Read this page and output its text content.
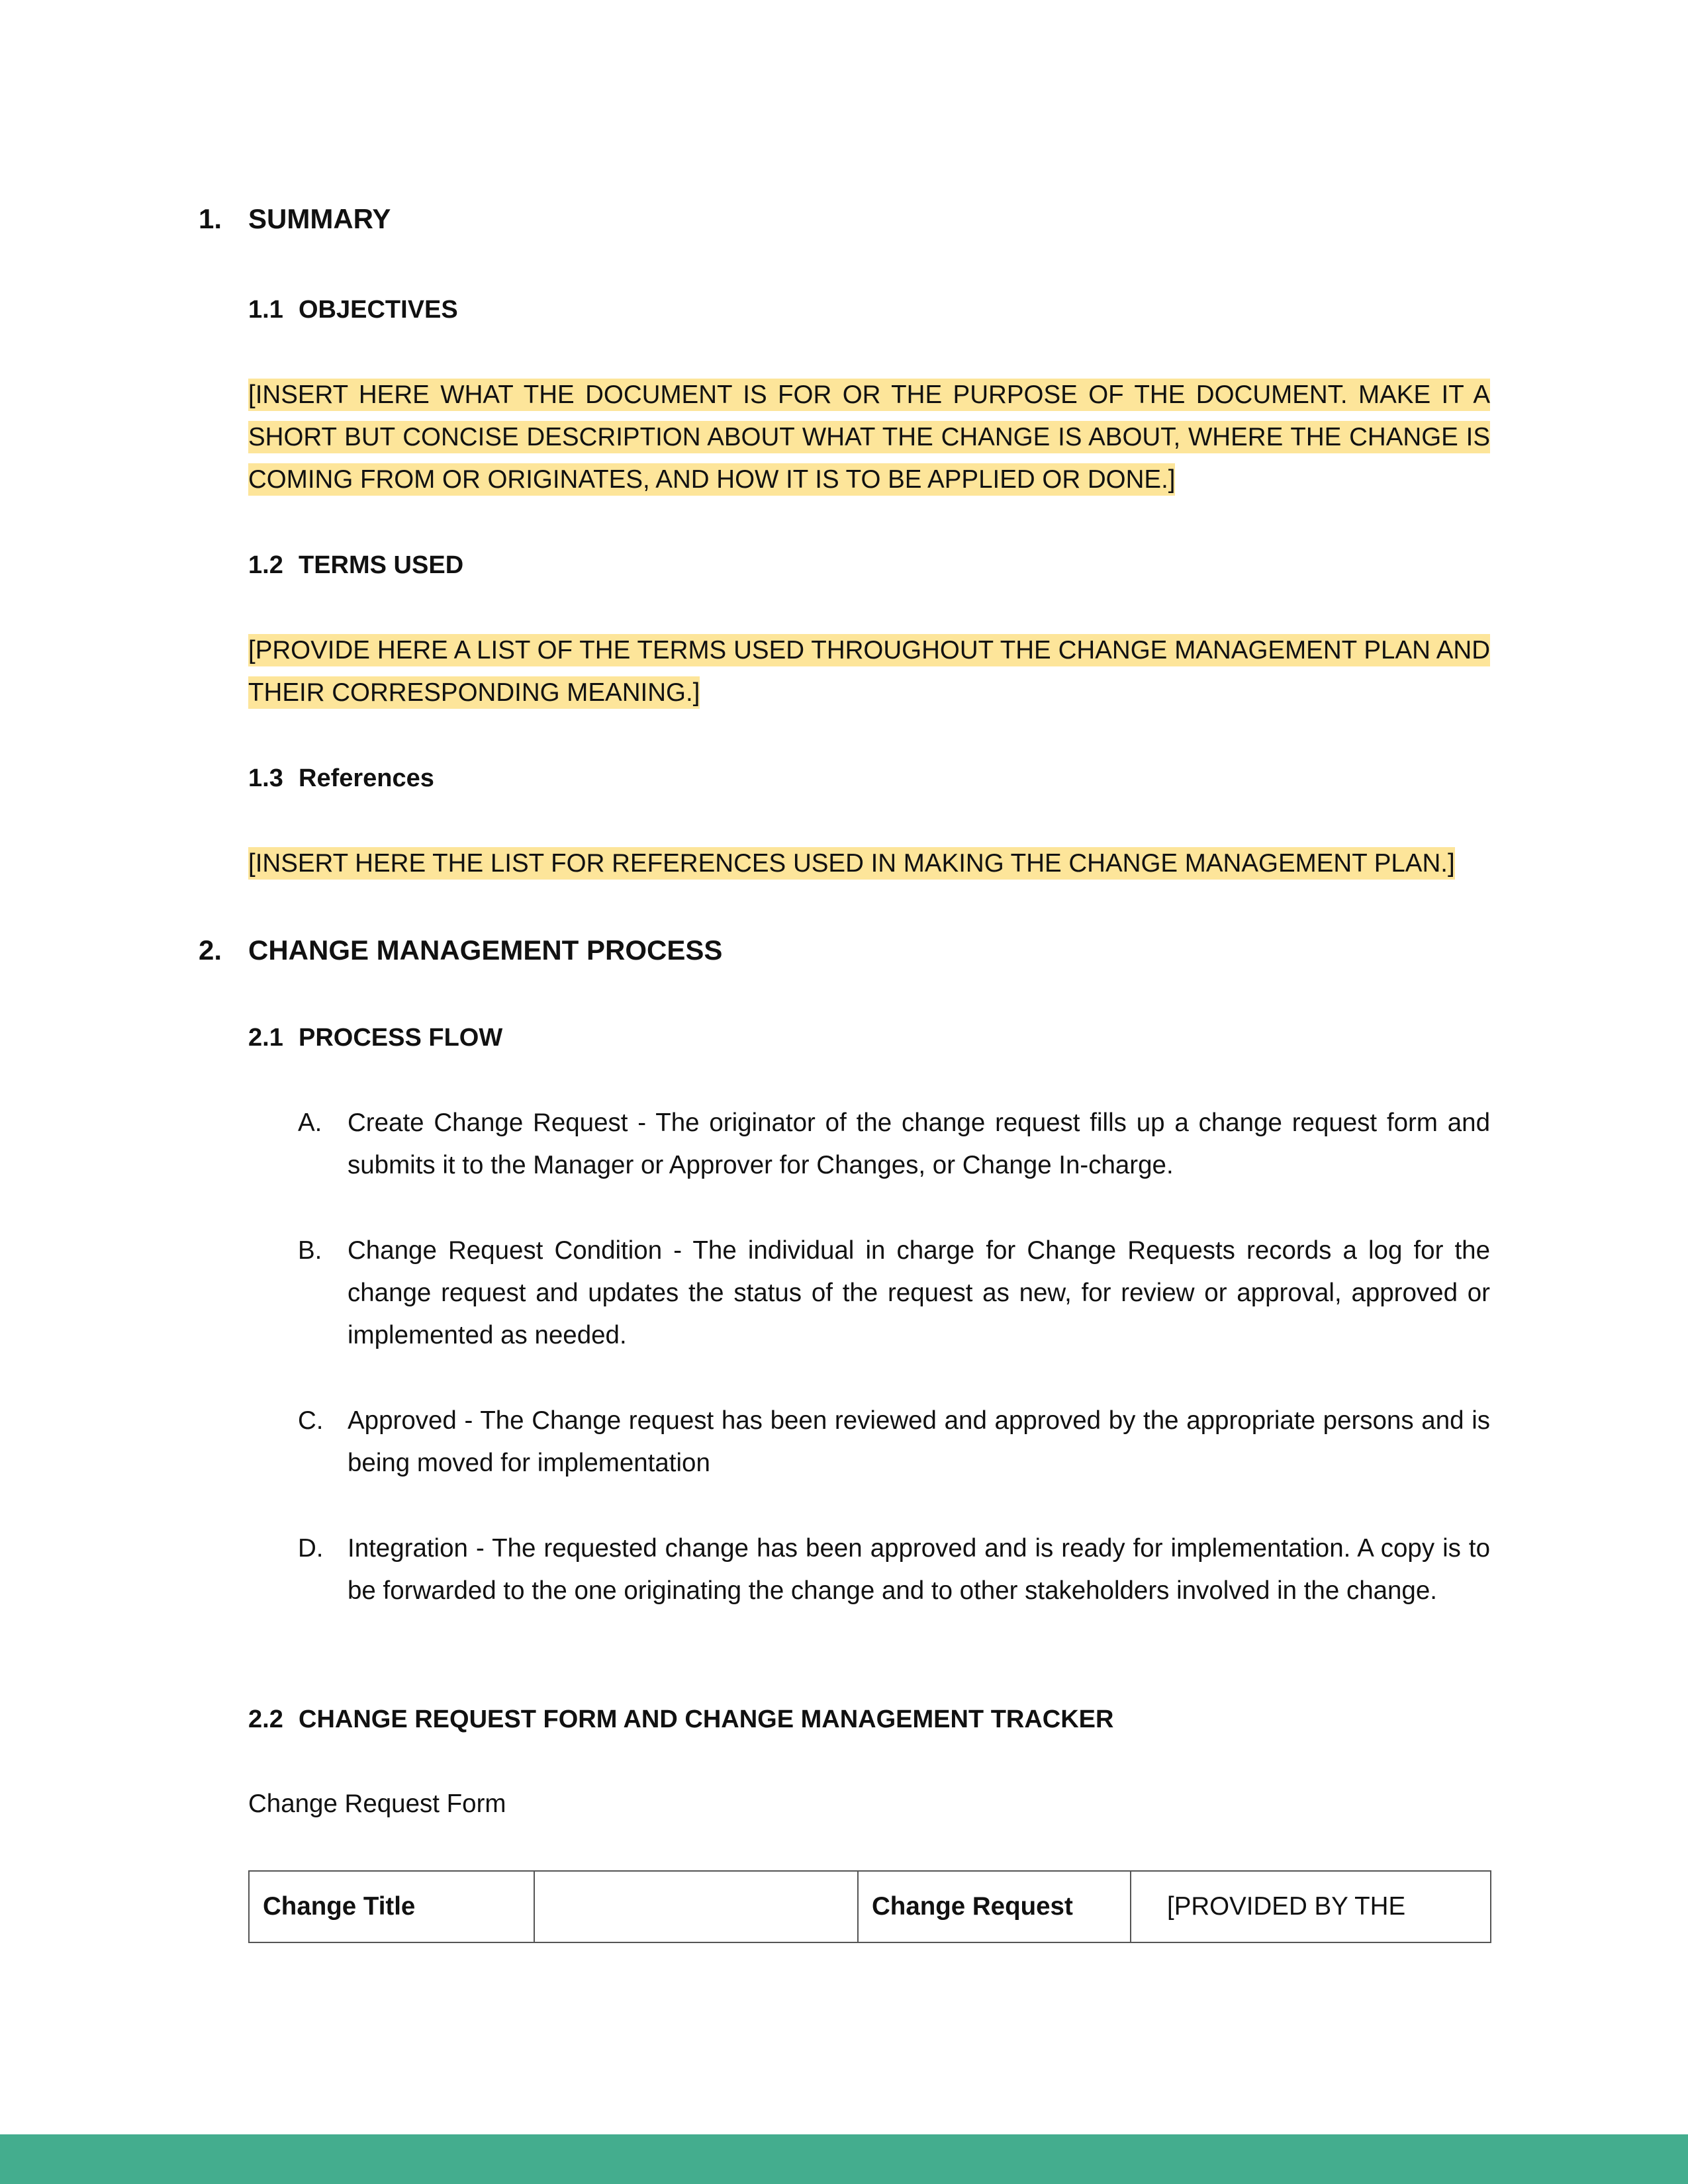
1. SUMMARY
1.1 OBJECTIVES
[INSERT HERE WHAT THE DOCUMENT IS FOR OR THE PURPOSE OF THE DOCUMENT. MAKE IT A SHORT BUT CONCISE DESCRIPTION ABOUT WHAT THE CHANGE IS ABOUT, WHERE THE CHANGE IS COMING FROM OR ORIGINATES, AND HOW IT IS TO BE APPLIED OR DONE.]
1.2 TERMS USED
[PROVIDE HERE A LIST OF THE TERMS USED THROUGHOUT THE CHANGE MANAGEMENT PLAN AND THEIR CORRESPONDING MEANING.]
1.3 References
[INSERT HERE THE LIST FOR REFERENCES USED IN MAKING THE CHANGE MANAGEMENT PLAN.]
2. CHANGE MANAGEMENT PROCESS
2.1 PROCESS FLOW
A.	Create Change Request - The originator of the change request fills up a change request form and submits it to the Manager or Approver for Changes, or Change In-charge.
B.	Change Request Condition - The individual in charge for Change Requests records a log for the change request and updates the status of the request as new, for review or approval, approved or implemented as needed.
C. Approved - The Change request has been reviewed and approved by the appropriate persons and is being moved for implementation
D. Integration - The requested change has been approved and is ready for implementation. A copy is to be forwarded to the one originating the change and to other stakeholders involved in the change.
2.2 CHANGE REQUEST FORM AND CHANGE MANAGEMENT TRACKER
Change Request Form
Change Title		Change Request	[PROVIDED BY THE
